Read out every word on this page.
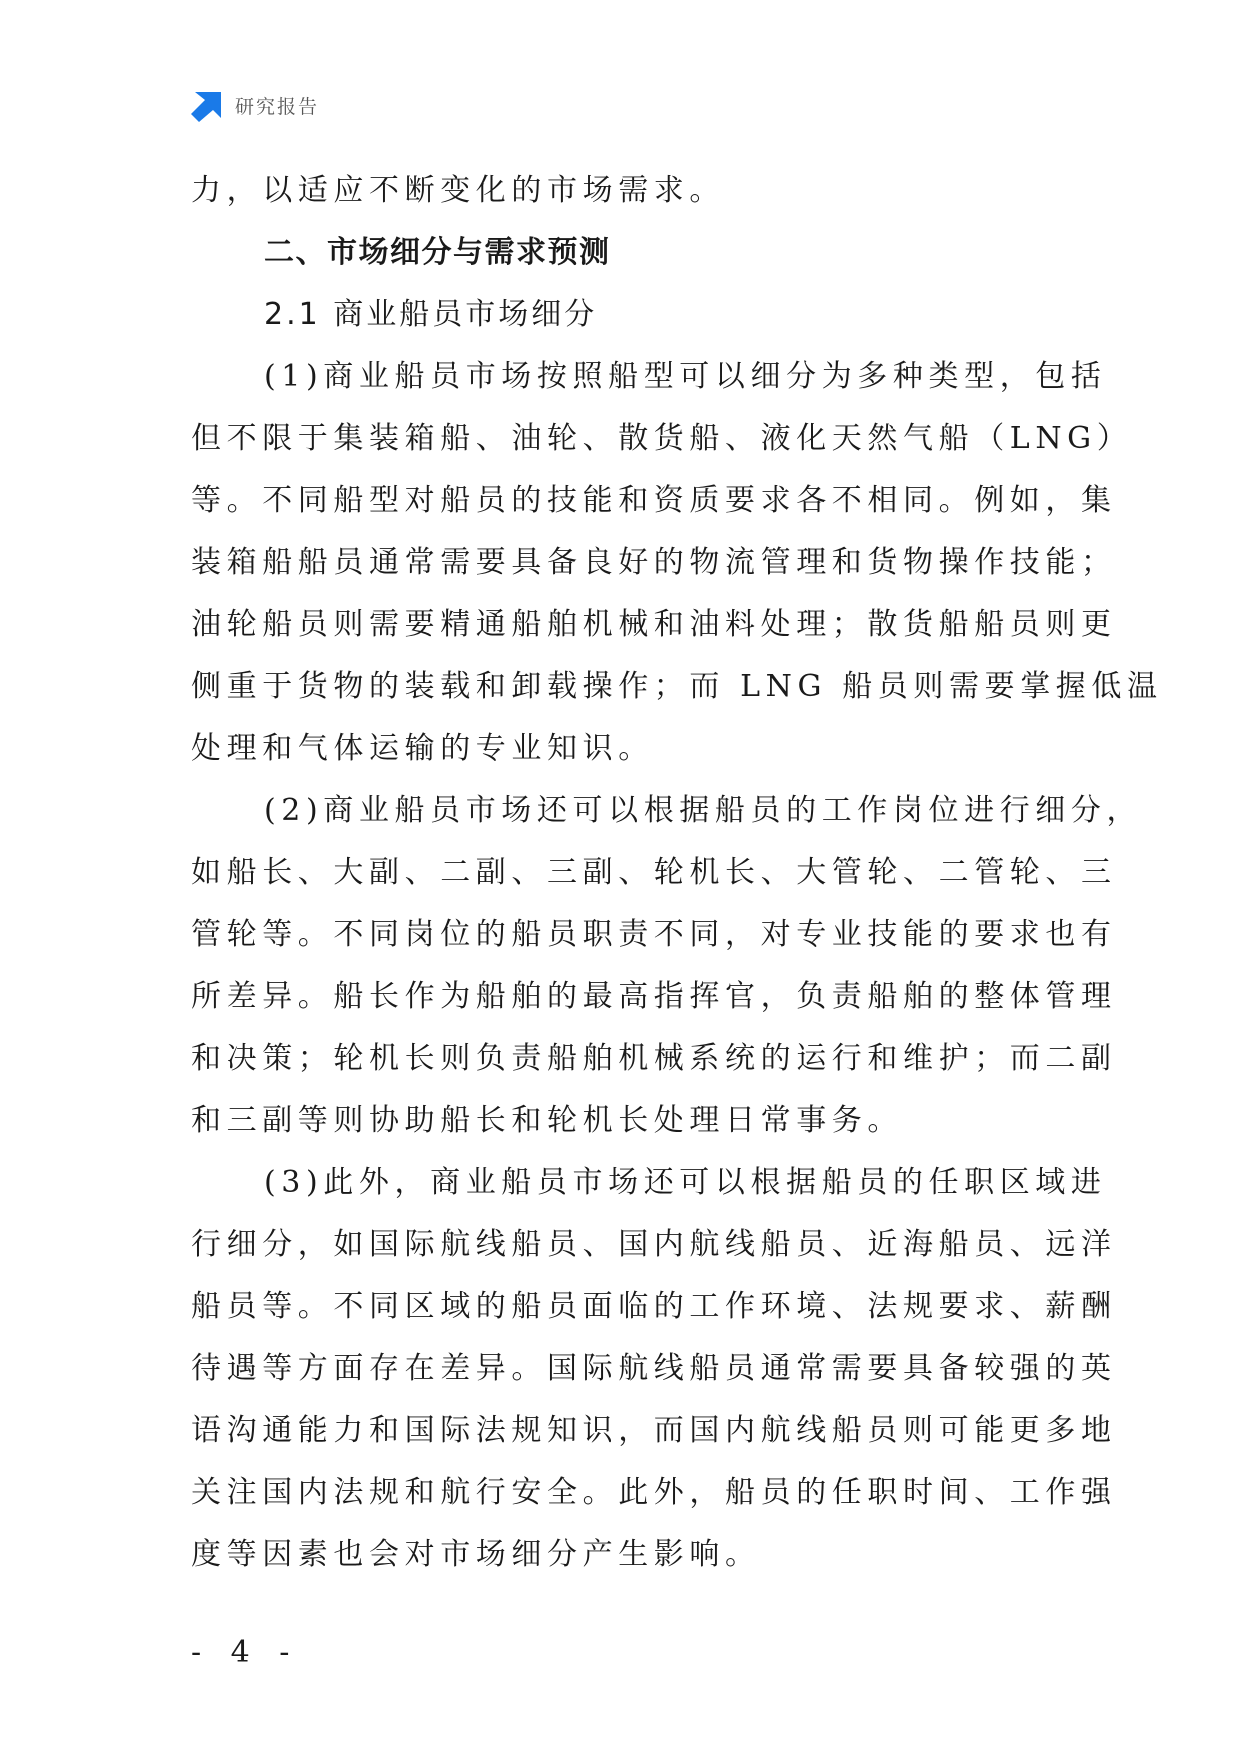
研究报告
力，以适应不断变化的市场需求。
二、市场细分与需求预测
2.1 商业船员市场细分
(1)商业船员市场按照船型可以细分为多种类型，包括
但不限于集装箱船、油轮、散货船、液化天然气船（LNG）
等。不同船型对船员的技能和资质要求各不相同。例如，集
装箱船船员通常需要具备良好的物流管理和货物操作技能；
油轮船员则需要精通船舶机械和油料处理；散货船船员则更
侧重于货物的装载和卸载操作；而 LNG 船员则需要掌握低温
处理和气体运输的专业知识。
(2)商业船员市场还可以根据船员的工作岗位进行细分，
如船长、大副、二副、三副、轮机长、大管轮、二管轮、三
管轮等。不同岗位的船员职责不同，对专业技能的要求也有
所差异。船长作为船舶的最高指挥官，负责船舶的整体管理
和决策；轮机长则负责船舶机械系统的运行和维护；而二副
和三副等则协助船长和轮机长处理日常事务。
(3)此外，商业船员市场还可以根据船员的任职区域进
行细分，如国际航线船员、国内航线船员、近海船员、远洋
船员等。不同区域的船员面临的工作环境、法规要求、薪酬
待遇等方面存在差异。国际航线船员通常需要具备较强的英
语沟通能力和国际法规知识，而国内航线船员则可能更多地
关注国内法规和航行安全。此外，船员的任职时间、工作强
度等因素也会对市场细分产生影响。
- 4 -
